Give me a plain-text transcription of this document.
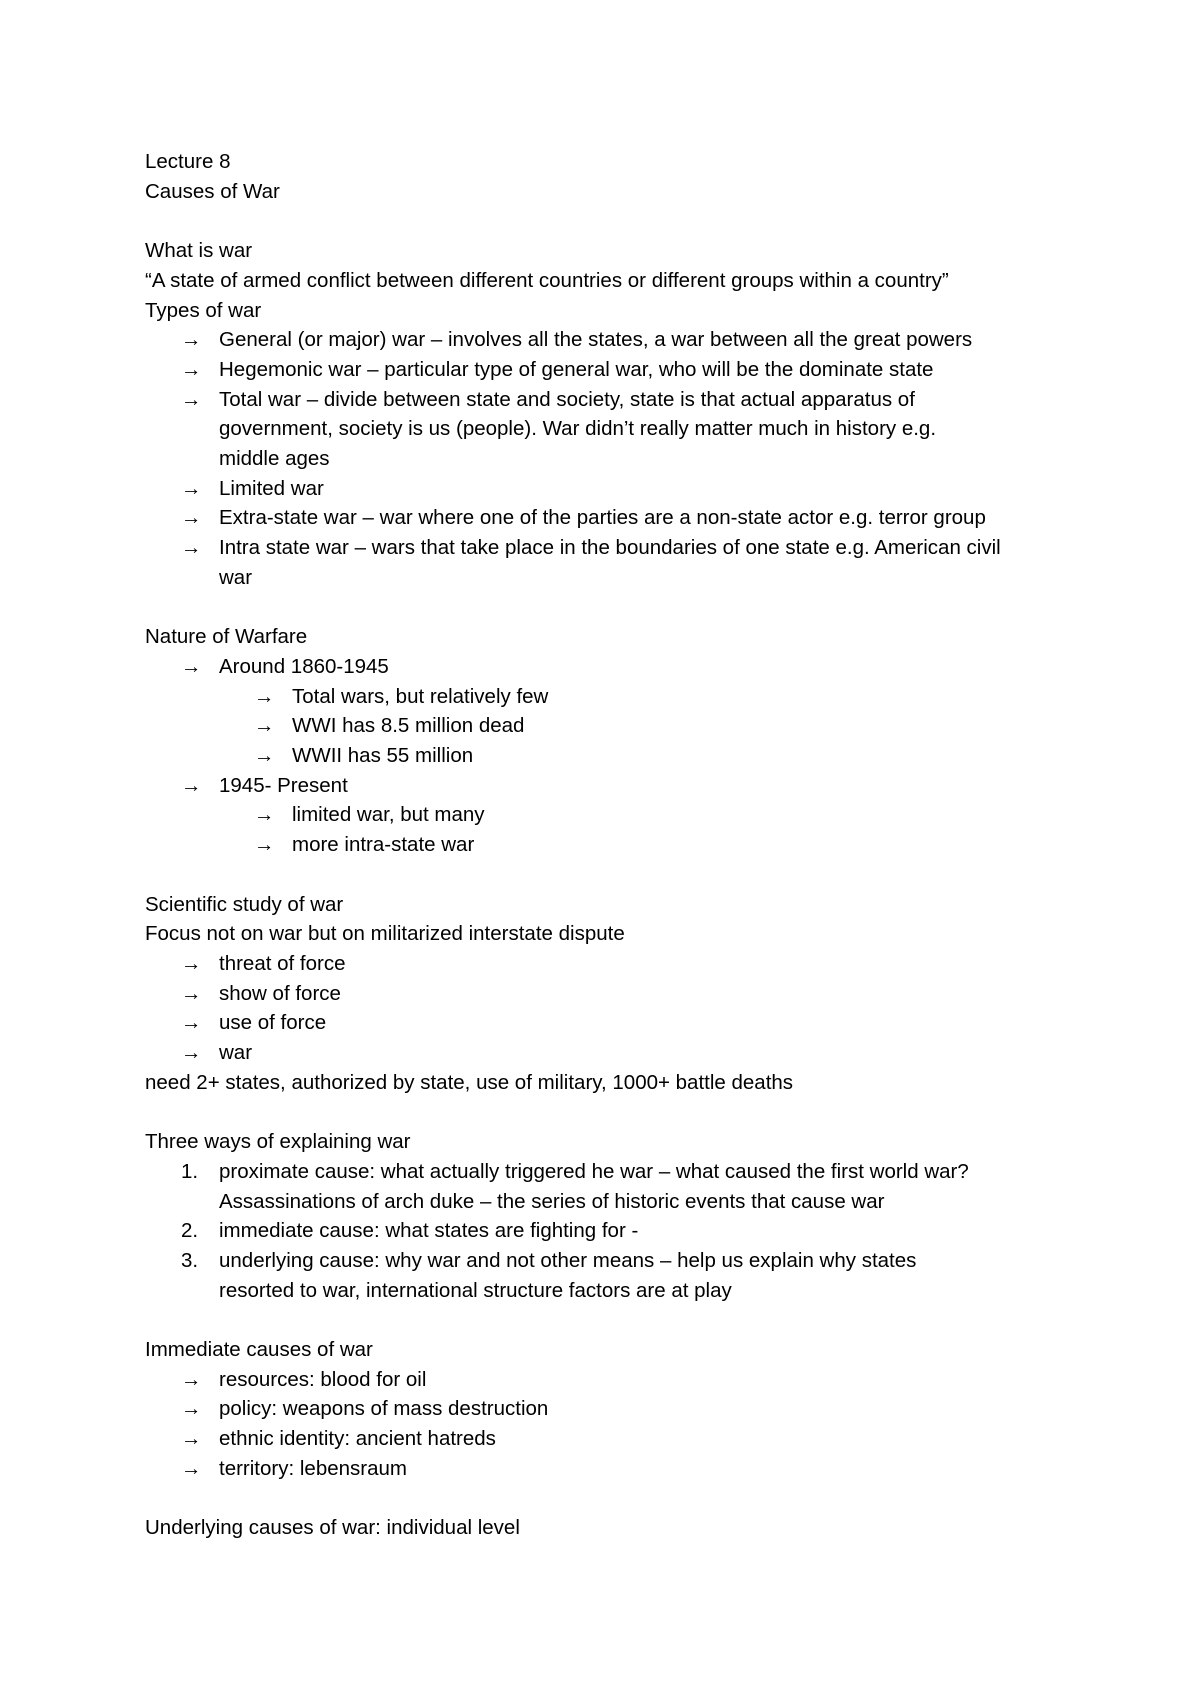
Lecture 8
Causes of War
What is war
“A state of armed conflict between different countries or different groups within a country”
Types of war
→ General (or major) war – involves all the states, a war between all the great powers
→ Hegemonic war – particular type of general war, who will be the dominate state
→ Total war – divide between state and society, state is that actual apparatus of government, society is us (people). War didn’t really matter much in history e.g. middle ages
→ Limited war
→ Extra-state war – war where one of the parties are a non-state actor e.g. terror group
→ Intra state war – wars that take place in the boundaries of one state e.g. American civil war
Nature of Warfare
→ Around 1860-1945
→ Total wars, but relatively few
→ WWI has 8.5 million dead
→ WWII has 55 million
→ 1945- Present
→ limited war, but many
→ more intra-state war
Scientific study of war
Focus not on war but on militarized interstate dispute
→ threat of force
→ show of force
→ use of force
→ war
need 2+ states, authorized by state, use of military, 1000+ battle deaths
Three ways of explaining war
1. proximate cause: what actually triggered he war – what caused the first world war? Assassinations of arch duke – the series of historic events that cause war
2. immediate cause: what states are fighting for -
3. underlying cause: why war and not other means – help us explain why states resorted to war, international structure factors are at play
Immediate causes of war
→ resources: blood for oil
→ policy: weapons of mass destruction
→ ethnic identity: ancient hatreds
→ territory: lebensraum
Underlying causes of war: individual level
